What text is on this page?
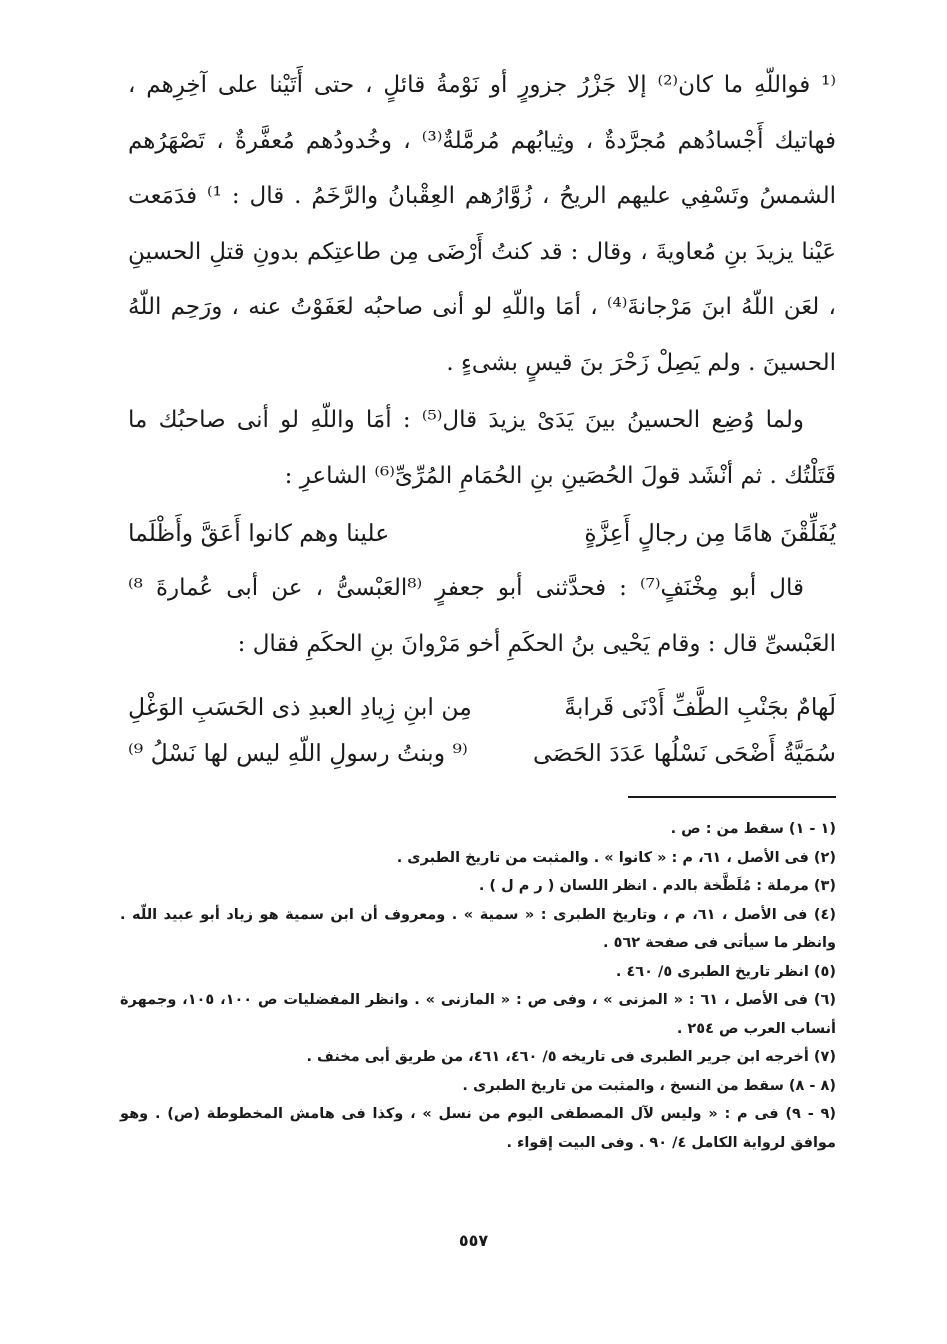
⁽¹ فواللّهِ ما كان⁽²⁾ إلا جَزْرُ جزورٍ أو نَوْمةُ قائلٍ ، حتى أَتَيْنا على آخِرِهم ، فهاتيك أَجْسادُهم مُجرَّدةٌ ، وثِيابُهم مُرمَّلةٌ⁽³⁾ ، وخُدودُهم مُعفَّرةٌ ، تَصْهَرُهم الشمسُ وتَسْفِي عليهم الريحُ ، زُوَّارُهم العِقْبانُ والرَّخَمُ . قال : ¹⁾ فدَمَعت عَيْنا يزيدَ بنِ مُعاويةَ ، وقال : قد كنتُ أَرْضَى مِن طاعتِكم بدونِ قتلِ الحسينِ ، لعَن اللّهُ ابنَ مَرْجانةَ⁽⁴⁾ ، أمَا واللّهِ لو أنى صاحبُه لعَفَوْتُ عنه ، ورَحِم اللّهُ الحسينَ . ولم يَصِلْ زَحْرَ بنَ قيسٍ بشىءٍ .

ولما وُضِع الحسينُ بينَ يَدَىْ يزيدَ قال⁽⁵⁾ : أمَا واللّهِ لو أنى صاحبُك ما قَتَلْتُك . ثم أنْشَد قولَ الحُصَينِ بنِ الحُمَامِ المُرِّىِّ⁽⁶⁾ الشاعرِ :

يُفَلِّقْنَ هامًا مِن رجالٍ أَعِزَّةٍ
علينا وهم كانوا أَعَقَّ وأَظْلَما

قال أبو مِخْنَفٍ⁽⁷⁾ : فحدَّثنى أبو جعفرٍ ⁽⁸العَبْسىُّ ، عن أبى عُمارةَ ⁸⁾ العَبْسىِّ قال : وقام يَحْيى بنُ الحكَمِ أخو مَرْوانَ بنِ الحكَمِ فقال :

لَهامٌ بجَنْبِ الطَّفِّ أَدْنَى قَرابةً
مِن ابنِ زِيادِ العبدِ ذى الحَسَبِ الوَغْلِ
سُمَيَّةُ أَضْحَى نَسْلُها عَدَدَ الحَصَى
⁽⁹ وبنتُ رسولِ اللّهِ ليس لها نَسْلُ ⁹⁾

(١ - ١) سقط من : ص .

(٢) فى الأصل ، ٦١، م : « كانوا » . والمثبت من تاريخ الطبرى .

(٣) مرملة : مُلَطَّخة بالدم . انظر اللسان ( ر م ل ) .

(٤) فى الأصل ، ٦١، م ، وتاريخ الطبرى : « سمية » . ومعروف أن ابن سمية هو زياد أبو عبيد اللّه . وانظر ما سيأتى فى صفحة ٥٦٢ .

(٥) انظر تاريخ الطبرى ٥/ ٤٦٠ .

(٦) فى الأصل ، ٦١ : « المزنى » ، وفى ص : « المازنى » . وانظر المفضليات ص ١٠٠، ١٠٥، وجمهرة أنساب العرب ص ٢٥٤ .

(٧) أخرجه ابن جرير الطبرى فى تاريخه ٥/ ٤٦٠، ٤٦١، من طريق أبى مخنف .

(٨ - ٨) سقط من النسخ ، والمثبت من تاريخ الطبرى .

(٩ - ٩) فى م : « وليس لآل المصطفى اليوم من نسل » ، وكذا فى هامش المخطوطة (ص) . وهو موافق لرواية الكامل ٤/ ٩٠ . وفى البيت إقواء .

٥٥٧
